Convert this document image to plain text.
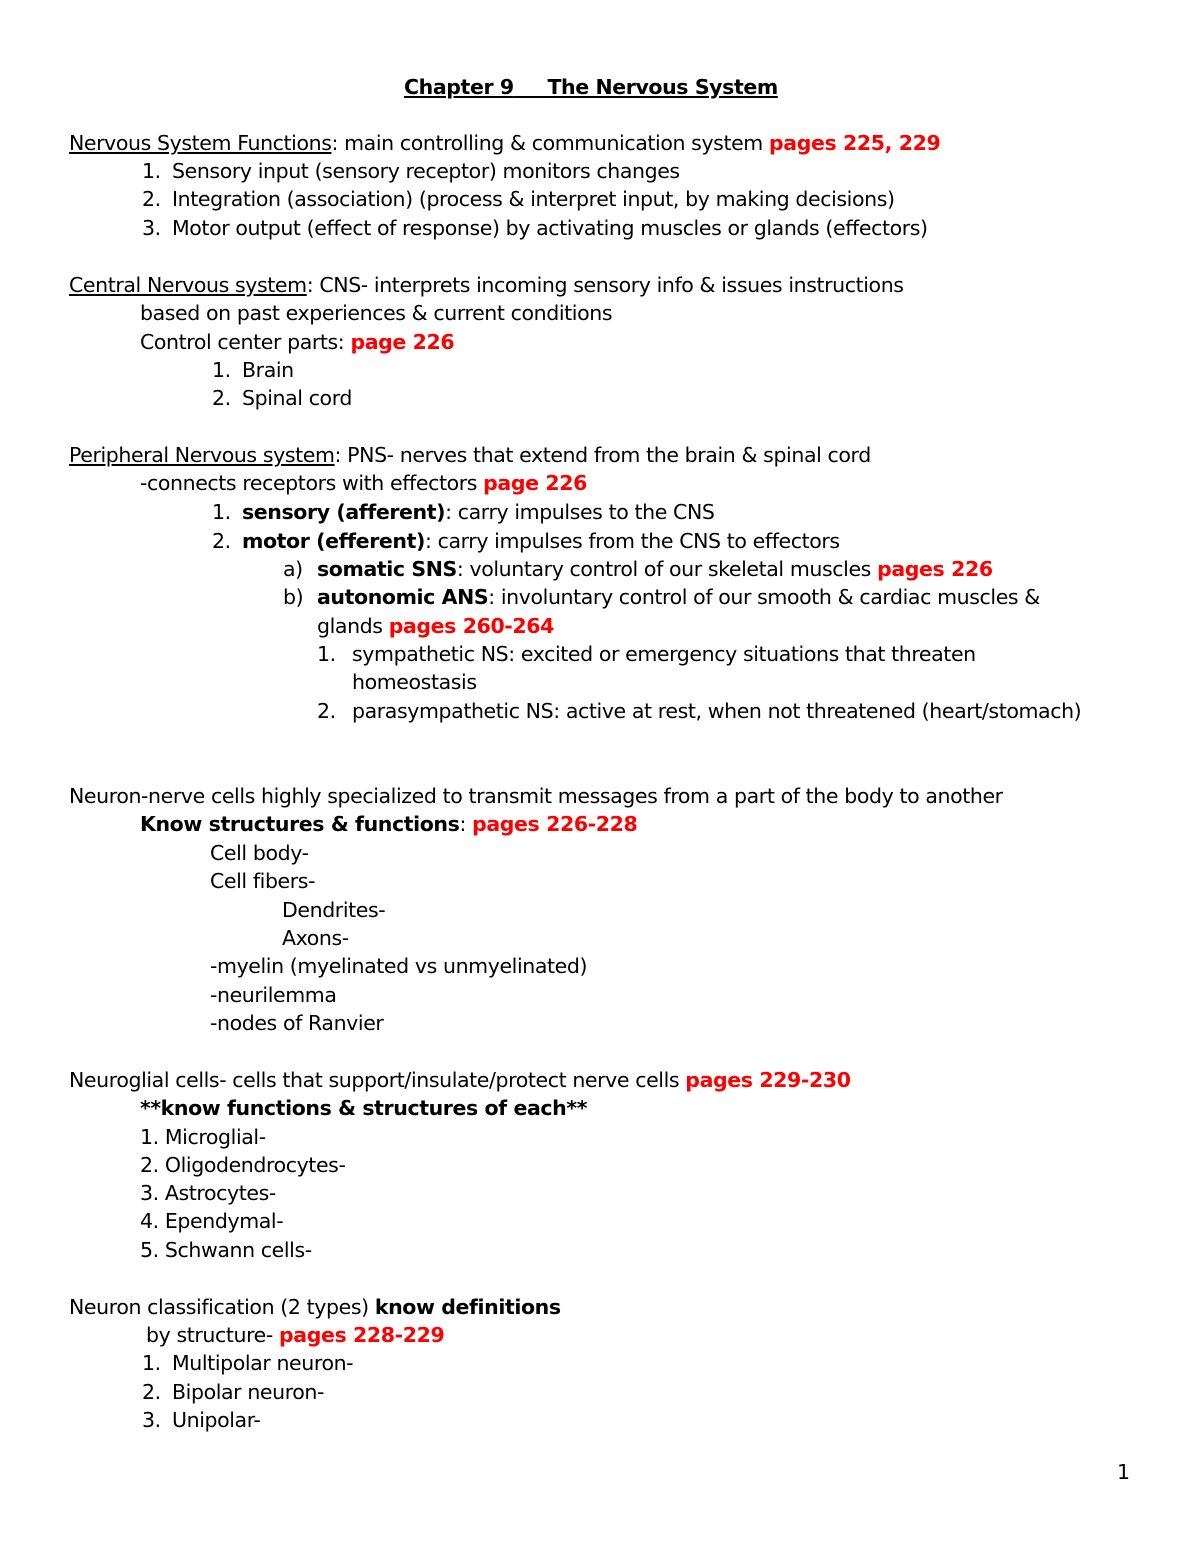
Chapter 9 The Nervous System
Nervous System Functions: main controlling & communication system pages 225, 229
1. Sensory input (sensory receptor) monitors changes
2. Integration (association) (process & interpret input, by making decisions)
3. Motor output (effect of response) by activating muscles or glands (effectors)
Central Nervous system: CNS- interprets incoming sensory info & issues instructions
based on past experiences & current conditions
Control center parts: page 226
1. Brain
2. Spinal cord
Peripheral Nervous system: PNS- nerves that extend from the brain & spinal cord
-connects receptors with effectors page 226
1. sensory (afferent): carry impulses to the CNS
2. motor (efferent): carry impulses from the CNS to effectors
a) somatic SNS: voluntary control of our skeletal muscles pages 226
b) autonomic ANS: involuntary control of our smooth & cardiac muscles &
glands pages 260-264
1. sympathetic NS: excited or emergency situations that threaten
homeostasis
2. parasympathetic NS: active at rest, when not threatened (heart/stomach)
Neuron-nerve cells highly specialized to transmit messages from a part of the body to another
Know structures & functions: pages 226-228
Cell body-
Cell fibers-
Dendrites-
Axons-
-myelin (myelinated vs unmyelinated)
-neurilemma
-nodes of Ranvier
Neuroglial cells- cells that support/insulate/protect nerve cells pages 229-230
**know functions & structures of each**
1. Microglial-
2. Oligodendrocytes-
3. Astrocytes-
4. Ependymal-
5. Schwann cells-
Neuron classification (2 types) know definitions
by structure- pages 228-229
1. Multipolar neuron-
2. Bipolar neuron-
3. Unipolar-
1
